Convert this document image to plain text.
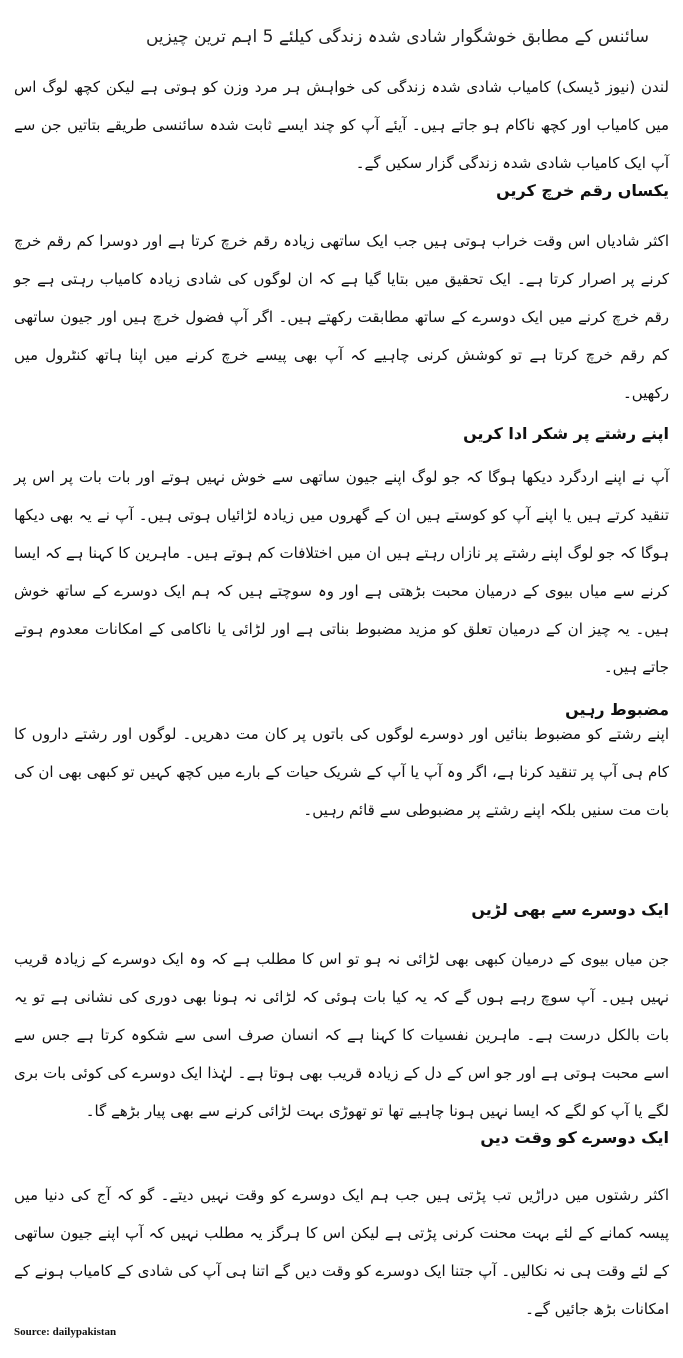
سائنس کے مطابق خوشگوار شادی شدہ زندگی کیلئے 5 اہم ترین چیزیں
لندن (نیوز ڈیسک) کامیاب شادی شدہ زندگی کی خواہش ہر مرد وزن کو ہوتی ہے لیکن کچھ لوگ اس میں کامیاب اور کچھ ناکام ہو جاتے ہیں۔ آیئے آپ کو چند ایسے ثابت شدہ سائنسی طریقے بتاتیں جن سے آپ ایک کامیاب شادی شدہ زندگی گزار سکیں گے۔
یکساں رقم خرچ کریں
اکثر شادیاں اس وقت خراب ہوتی ہیں جب ایک ساتھی زیادہ رقم خرچ کرتا ہے اور دوسرا کم رقم خرچ کرنے پر اصرار کرتا ہے۔ ایک تحقیق میں بتایا گیا ہے کہ ان لوگوں کی شادی زیادہ کامیاب رہتی ہے جو رقم خرچ کرنے میں ایک دوسرے کے ساتھ مطابقت رکھتے ہیں۔ اگر آپ فضول خرچ ہیں اور جیون ساتھی کم رقم خرچ کرتا ہے تو کوشش کرنی چاہیے کہ آپ بھی پیسے خرچ کرنے میں اپنا ہاتھ کنٹرول میں رکھیں۔
اپنے رشتے پر شکر ادا کریں
آپ نے اپنے اردگرد دیکھا ہوگا کہ جو لوگ اپنے جیون ساتھی سے خوش نہیں ہوتے اور بات بات پر اس پر تنقید کرتے ہیں یا اپنے آپ کو کوستے ہیں ان کے گھروں میں زیادہ لڑائیاں ہوتی ہیں۔ آپ نے یہ بھی دیکھا ہوگا کہ جو لوگ اپنے رشتے پر نازاں رہتے ہیں ان میں اختلافات کم ہوتے ہیں۔ ماہرین کا کہنا ہے کہ ایسا کرنے سے میاں بیوی کے درمیان محبت بڑھتی ہے اور وہ سوچتے ہیں کہ ہم ایک دوسرے کے ساتھ خوش ہیں۔ یہ چیز ان کے درمیان تعلق کو مزید مضبوط بناتی ہے اور لڑائی یا ناکامی کے امکانات معدوم ہوتے جاتے ہیں۔
مضبوط رہیں
اپنے رشتے کو مضبوط بنائیں اور دوسرے لوگوں کی باتوں پر کان مت دھریں۔ لوگوں اور رشتے داروں کا کام ہی آپ پر تنقید کرنا ہے، اگر وہ آپ یا آپ کے شریک حیات کے بارے میں کچھ کہیں تو کبھی بھی ان کی بات مت سنیں بلکہ اپنے رشتے پر مضبوطی سے قائم رہیں۔
ایک دوسرے سے بھی لڑیں
جن میاں بیوی کے درمیان کبھی بھی لڑائی نہ ہو تو اس کا مطلب ہے کہ وہ ایک دوسرے کے زیادہ قریب نہیں ہیں۔ آپ سوچ رہے ہوں گے کہ یہ کیا بات ہوئی کہ لڑائی نہ ہونا بھی دوری کی نشانی ہے تو یہ بات بالکل درست ہے۔ ماہرین نفسیات کا کہنا ہے کہ انسان صرف اسی سے شکوہ کرتا ہے جس سے اسے محبت ہوتی ہے اور جو اس کے دل کے زیادہ قریب بھی ہوتا ہے۔ لہٰذا ایک دوسرے کی کوئی بات بری لگے یا آپ کو لگے کہ ایسا نہیں ہونا چاہیے تھا تو تھوڑی بہت لڑائی کرنے سے بھی پیار بڑھے گا۔
ایک دوسرے کو وقت دیں
اکثر رشتوں میں دراڑیں تب پڑتی ہیں جب ہم ایک دوسرے کو وقت نہیں دیتے۔ گو کہ آج کی دنیا میں پیسہ کمانے کے لئے بہت محنت کرنی پڑتی ہے لیکن اس کا ہرگز یہ مطلب نہیں کہ آپ اپنے جیون ساتھی کے لئے وقت ہی نہ نکالیں۔ آپ جتنا ایک دوسرے کو وقت دیں گے اتنا ہی آپ کی شادی کے کامیاب ہونے کے امکانات بڑھ جائیں گے۔
Source: dailypakistan
